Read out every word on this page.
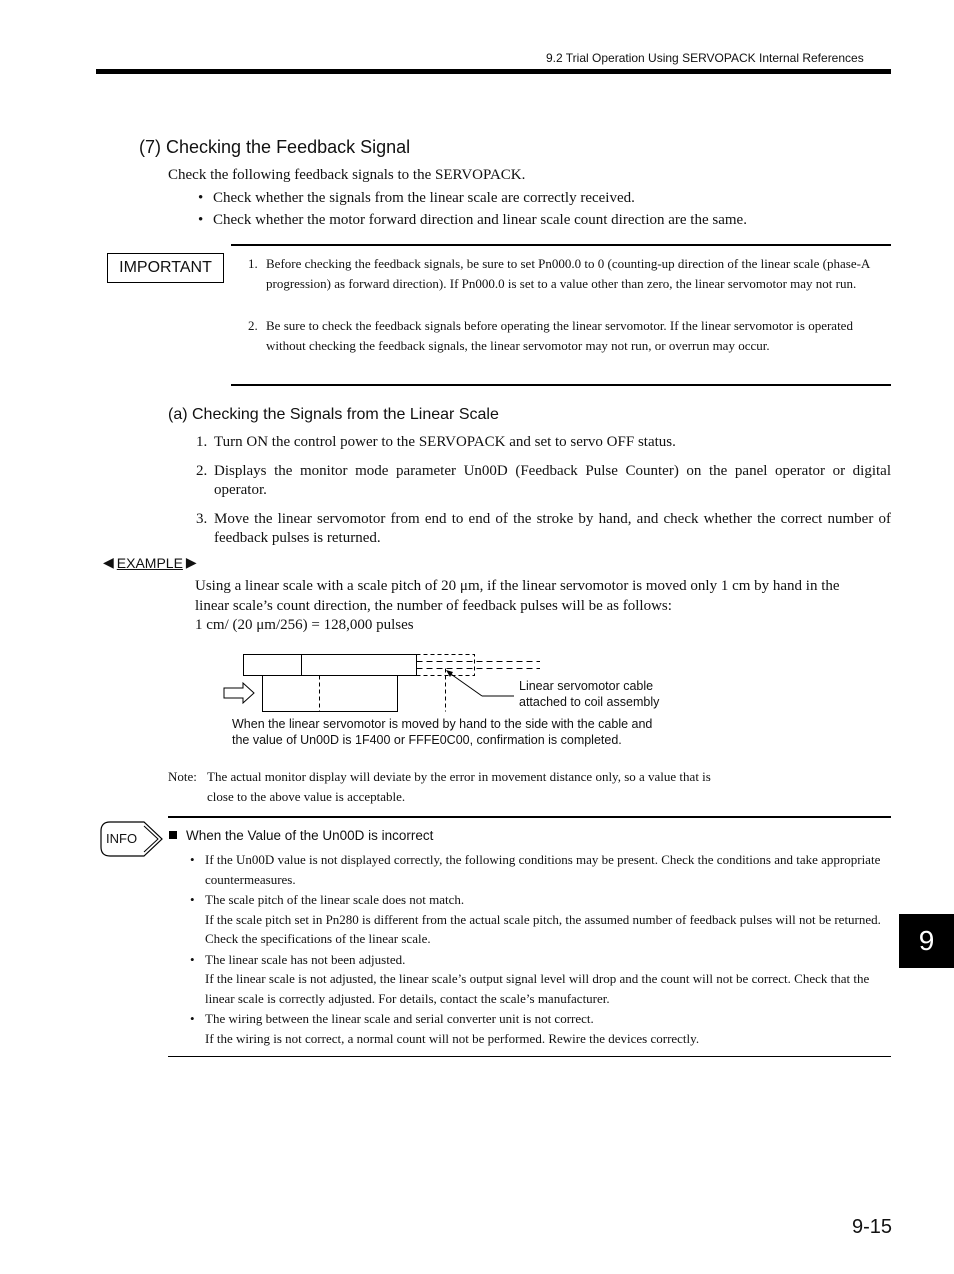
9.2 Trial Operation Using SERVOPACK Internal References
(7) Checking the Feedback Signal
Check the following feedback signals to the SERVOPACK.
• Check whether the signals from the linear scale are correctly received.
• Check whether the motor forward direction and linear scale count direction are the same.
IMPORTANT	1. Before checking the feedback signals, be sure to set Pn000.0 to 0 (counting-up direction of the linear scale (phase-A progression) as forward direction). If Pn000.0 is set to a value other than zero, the linear servomotor may not run.
2. Be sure to check the feedback signals before operating the linear servomotor. If the linear servomotor is operated without checking the feedback signals, the linear servomotor may not run, or overrun may occur.
(a) Checking the Signals from the Linear Scale
1. Turn ON the control power to the SERVOPACK and set to servo OFF status.
2. Displays the monitor mode parameter Un00D (Feedback Pulse Counter) on the panel operator or digital operator.
3. Move the linear servomotor from end to end of the stroke by hand, and check whether the correct number of feedback pulses is returned.
◀ EXAMPLE ▶
Using a linear scale with a scale pitch of 20 μm, if the linear servomotor is moved only 1 cm by hand in the
linear scale’s count direction, the number of feedback pulses will be as follows:
1 cm/ (20 μm/256) = 128,000 pulses
Linear servomotor cable
attached to coil assembly
When the linear servomotor is moved by hand to the side with the cable and
the value of Un00D is 1F400 or FFFE0C00, confirmation is completed.
Note: The actual monitor display will deviate by the error in movement distance only, so a value that is
close to the above value is acceptable.
INFO	When the Value of the Un00D is incorrect
• If the Un00D value is not displayed correctly, the following conditions may be present. Check the conditions and take appropriate countermeasures.
• The scale pitch of the linear scale does not match.
If the scale pitch set in Pn280 is different from the actual scale pitch, the assumed number of feedback pulses will not be returned. Check the specifications of the linear scale.
• The linear scale has not been adjusted.
If the linear scale is not adjusted, the linear scale’s output signal level will drop and the count will not be correct. Check that the linear scale is correctly adjusted. For details, contact the scale’s manufacturer.
• The wiring between the linear scale and serial converter unit is not correct.
If the wiring is not correct, a normal count will not be performed. Rewire the devices correctly.
9
9-15
